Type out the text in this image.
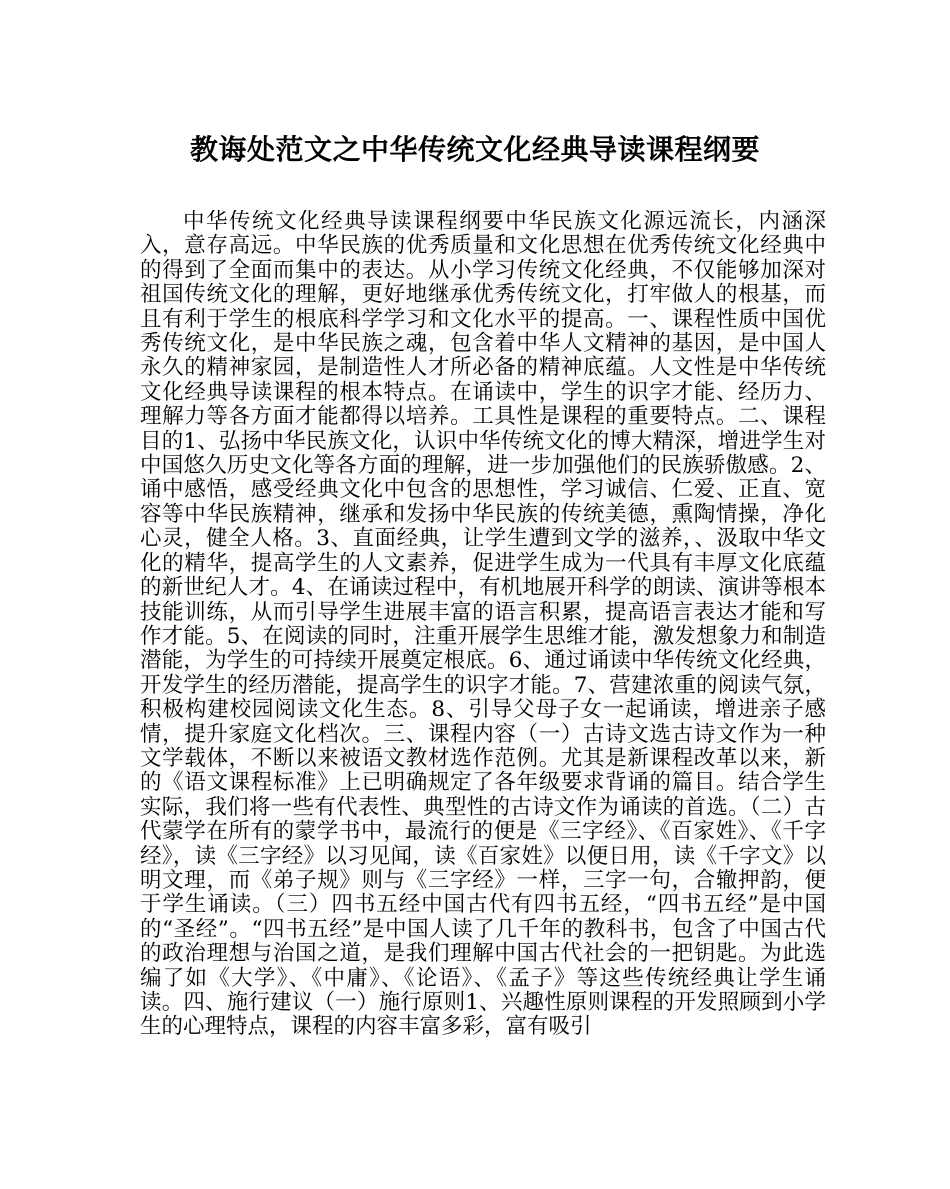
教诲处范文之中华传统文化经典导读课程纲要

中华传统文化经典导读课程纲要中华民族文化源远流长，内涵深入，意存高远。中华民族的优秀质量和文化思想在优秀传统文化经典中的得到了全面而集中的表达。从小学习传统文化经典，不仅能够加深对祖国传统文化的理解，更好地继承优秀传统文化，打牢做人的根基，而且有利于学生的根底科学学习和文化水平的提高。一、课程性质中国优秀传统文化，是中华民族之魂，包含着中华人文精神的基因，是中国人永久的精神家园，是制造性人才所必备的精神底蕴。人文性是中华传统文化经典导读课程的根本特点。在诵读中，学生的识字才能、经历力、理解力等各方面才能都得以培养。工具性是课程的重要特点。二、课程目的1、弘扬中华民族文化，认识中华传统文化的博大精深，增进学生对中国悠久历史文化等各方面的理解，进一步加强他们的民族骄傲感。2、诵中感悟，感受经典文化中包含的思想性，学习诚信、仁爱、正直、宽容等中华民族精神，继承和发扬中华民族的传统美德，熏陶情操，净化心灵，健全人格。3、直面经典，让学生遭到文学的滋养，、汲取中华文化的精华，提高学生的人文素养，促进学生成为一代具有丰厚文化底蕴的新世纪人才。4、在诵读过程中，有机地展开科学的朗读、演讲等根本技能训练，从而引导学生进展丰富的语言积累，提高语言表达才能和写作才能。5、在阅读的同时，注重开展学生思维才能，激发想象力和制造潜能，为学生的可持续开展奠定根底。6、通过诵读中华传统文化经典，开发学生的经历潜能，提高学生的识字才能。7、营建浓重的阅读气氛，积极构建校园阅读文化生态。8、引导父母子女一起诵读，增进亲子感情，提升家庭文化档次。三、课程内容（一）古诗文选古诗文作为一种文学载体，不断以来被语文教材选作范例。尤其是新课程改革以来，新的《语文课程标准》上已明确规定了各年级要求背诵的篇目。结合学生实际，我们将一些有代表性、典型性的古诗文作为诵读的首选。（二）古代蒙学在所有的蒙学书中，最流行的便是《三字经》、《百家姓》、《千字经》，读《三字经》以习见闻，读《百家姓》以便日用，读《千字文》以明文理，而《弟子规》则与《三字经》一样，三字一句，合辙押韵，便于学生诵读。（三）四书五经中国古代有四书五经，“四书五经”是中国的“圣经”。“四书五经”是中国人读了几千年的教科书，包含了中国古代的政治理想与治国之道，是我们理解中国古代社会的一把钥匙。为此选编了如《大学》、《中庸》、《论语》、《孟子》等这些传统经典让学生诵读。四、施行建议（一）施行原则1、兴趣性原则课程的开发照顾到小学生的心理特点，课程的内容丰富多彩，富有吸引
